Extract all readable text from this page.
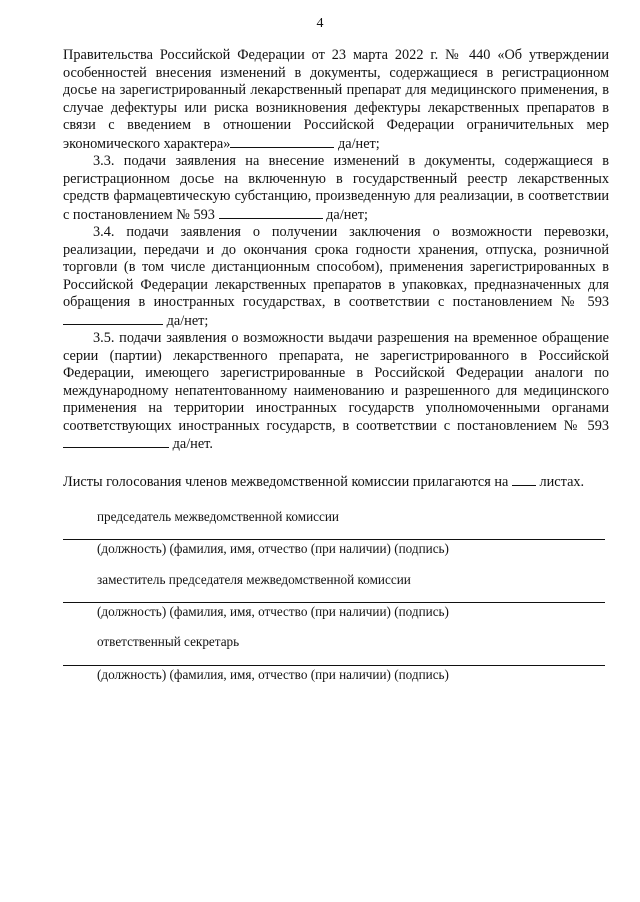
4

Правительства Российской Федерации от 23 марта 2022 г. № 440 «Об утверждении особенностей внесения изменений в документы, содержащиеся в регистрационном досье на зарегистрированный лекарственный препарат для медицинского применения, в случае дефектуры или риска возникновения дефектуры лекарственных препаратов в связи с введением в отношении Российской Федерации ограничительных мер экономического характера»	да/нет;

3.3. подачи заявления на внесение изменений в документы, содержащиеся в регистрационном досье на включенную в государственный реестр лекарственных средств фармацевтическую субстанцию, произведенную для реализации, в соответствии с постановлением № 593	да/нет;

3.4. подачи заявления о получении заключения о возможности перевозки, реализации, передачи и до окончания срока годности хранения, отпуска, розничной торговли (в том числе дистанционным способом), применения зарегистрированных в Российской Федерации лекарственных препаратов в упаковках, предназначенных для обращения в иностранных государствах, в соответствии с постановлением № 593 да/нет;

3.5. подачи заявления о возможности выдачи разрешения на временное обращение серии (партии) лекарственного препарата, не зарегистрированного в Российской Федерации, имеющего зарегистрированные в Российской Федерации аналоги по международному непатентованному наименованию и разрешенного для медицинского применения на территории иностранных государств уполномоченными органами соответствующих иностранных государств, в соответствии с постановлением № 593 да/нет.

Листы голосования членов межведомственной комиссии прилагаются на  листах.
председатель межведомственной комиссии
(должность) (фамилия, имя, отчество (при наличии) (подпись)
заместитель председателя межведомственной комиссии
(должность) (фамилия, имя, отчество (при наличии) (подпись)
ответственный секретарь
(должность) (фамилия, имя, отчество (при наличии) (подпись)
